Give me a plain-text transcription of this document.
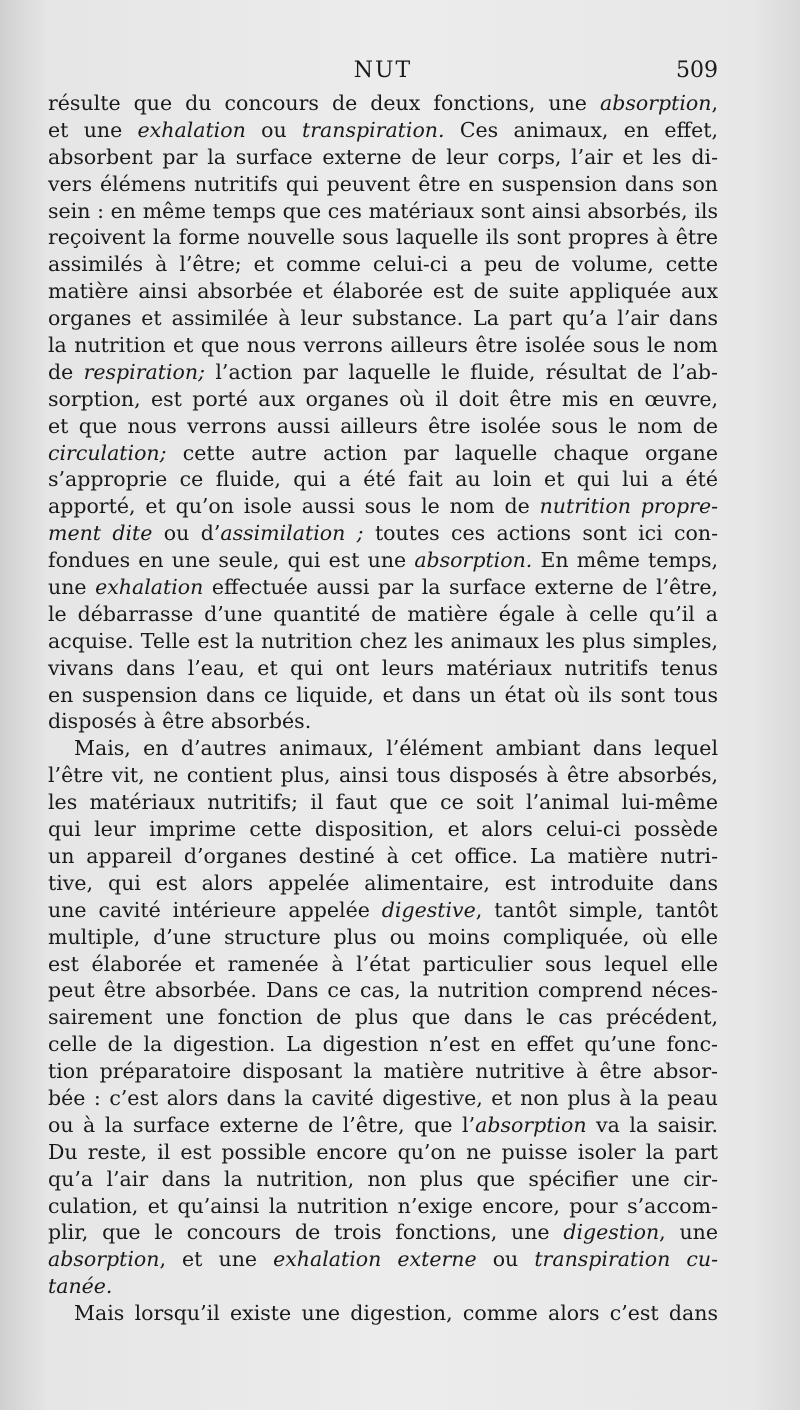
NUT	509
résulte que du concours de deux fonctions, une absorption,
et une exhalation ou transpiration. Ces animaux, en effet,
absorbent par la surface externe de leur corps, l’air et les di-
vers élémens nutritifs qui peuvent être en suspension dans son
sein : en même temps que ces matériaux sont ainsi absorbés, ils
reçoivent la forme nouvelle sous laquelle ils sont propres à être
assimilés à l’être; et comme celui-ci a peu de volume, cette
matière ainsi absorbée et élaborée est de suite appliquée aux
organes et assimilée à leur substance. La part qu’a l’air dans
la nutrition et que nous verrons ailleurs être isolée sous le nom
de respiration; l’action par laquelle le fluide, résultat de l’ab-
sorption, est porté aux organes où il doit être mis en œuvre,
et que nous verrons aussi ailleurs être isolée sous le nom de
circulation; cette autre action par laquelle chaque organe
s’approprie ce fluide, qui a été fait au loin et qui lui a été
apporté, et qu’on isole aussi sous le nom de nutrition propre-
ment dite ou d’assimilation ; toutes ces actions sont ici con-
fondues en une seule, qui est une absorption. En même temps,
une exhalation effectuée aussi par la surface externe de l’être,
le débarrasse d’une quantité de matière égale à celle qu’il a
acquise. Telle est la nutrition chez les animaux les plus simples,
vivans dans l’eau, et qui ont leurs matériaux nutritifs tenus
en suspension dans ce liquide, et dans un état où ils sont tous
disposés à être absorbés.
Mais, en d’autres animaux, l’élément ambiant dans lequel
l’être vit, ne contient plus, ainsi tous disposés à être absorbés,
les matériaux nutritifs; il faut que ce soit l’animal lui-même
qui leur imprime cette disposition, et alors celui-ci possède
un appareil d’organes destiné à cet office. La matière nutri-
tive, qui est alors appelée alimentaire, est introduite dans
une cavité intérieure appelée digestive, tantôt simple, tantôt
multiple, d’une structure plus ou moins compliquée, où elle
est élaborée et ramenée à l’état particulier sous lequel elle
peut être absorbée. Dans ce cas, la nutrition comprend néces-
sairement une fonction de plus que dans le cas précédent,
celle de la digestion. La digestion n’est en effet qu’une fonc-
tion préparatoire disposant la matière nutritive à être absor-
bée : c’est alors dans la cavité digestive, et non plus à la peau
ou à la surface externe de l’être, que l’absorption va la saisir.
Du reste, il est possible encore qu’on ne puisse isoler la part
qu’a l’air dans la nutrition, non plus que spécifier une cir-
culation, et qu’ainsi la nutrition n’exige encore, pour s’accom-
plir, que le concours de trois fonctions, une digestion, une
absorption, et une exhalation externe ou transpiration cu-
tanée.
Mais lorsqu’il existe une digestion, comme alors c’est dans
